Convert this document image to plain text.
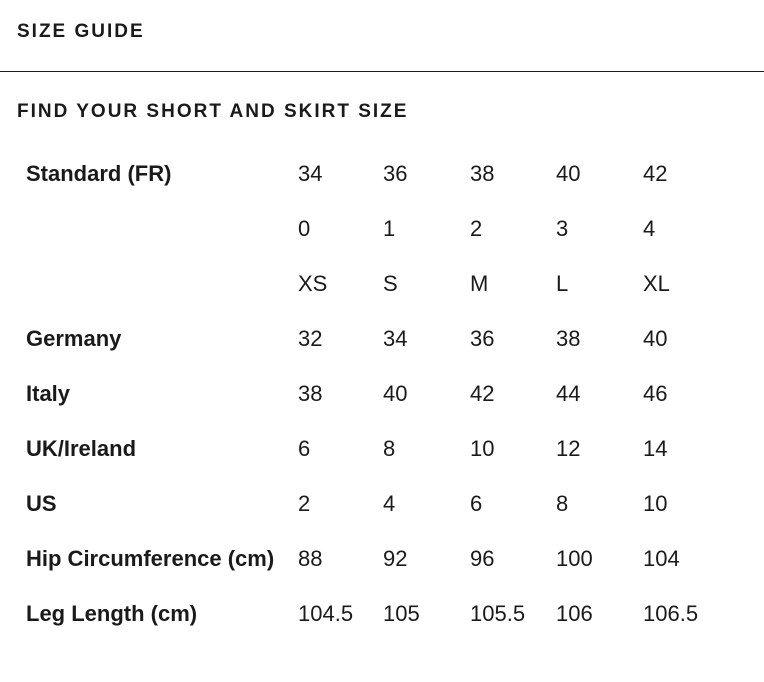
SIZE GUIDE
FIND YOUR SHORT AND SKIRT SIZE
Standard (FR)	34	36	38	40	42
	0	1	2	3	4
	XS	S	M	L	XL
Germany	32	34	36	38	40
Italy	38	40	42	44	46
UK/Ireland	6	8	10	12	14
US	2	4	6	8	10
Hip Circumference (cm)	88	92	96	100	104
Leg Length (cm)	104.5	105	105.5	106	106.5
